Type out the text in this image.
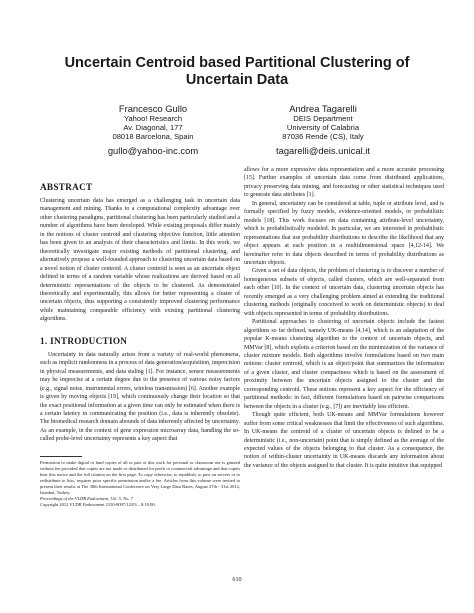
Uncertain Centroid based Partitional Clustering of
Uncertain Data
Francesco Gullo
Yahoo! Research
Av. Diagonal, 177
08018 Barcelona, Spain
gullo@yahoo-inc.com
Andrea Tagarelli
DEIS Department
University of Calabria
87036 Rende (CS), Italy
tagarelli@deis.unical.it
ABSTRACT

Clustering uncertain data has emerged as a challenging task in uncertain data management and mining. Thanks to a computational complexity advantage over other clustering paradigms, partitional clustering has been particularly studied and a number of algorithms have been developed. While existing proposals differ mainly in the notions of cluster centroid and clustering objective function, little attention has been given to an analysis of their characteristics and limits. In this work, we theoretically investigate major existing methods of partitional clustering, and alternatively propose a well-founded approach to clustering uncertain data based on a novel notion of cluster centroid. A cluster centroid is seen as an uncertain object defined in terms of a random variable whose realizations are derived based on all deterministic representations of the objects to be clustered. As demonstrated theoretically and experimentally, this allows for better representing a cluster of uncertain objects, thus supporting a consistently improved clustering performance while maintaining comparable efficiency with existing partitional clustering algorithms.

1. INTRODUCTION

Uncertainty in data naturally arises from a variety of real-world phenomena, such as implicit randomness in a process of data generation/acquisition, imprecision in physical measurements, and data staling [1]. For instance, sensor measurements may be imprecise at a certain degree due to the presence of various noisy factors (e.g., signal noise, instrumental errors, wireless transmission) [6]. Another example is given by moving objects [19], which continuously change their location so that the exact positional information at a given time can only be estimated when there is a certain latency in communicating the position (i.e., data is inherently obsolete). The biomedical research domain abounds of data inherently affected by uncertainty. As an example, in the context of gene expression microarray data, handling the so-called probe-level uncertainty represents a key aspect that

Permission to make digital or hard copies of all or part of this work for personal or classroom use is granted without fee provided that copies are not made or distributed for profit or commercial advantage and that copies bear this notice and the full citation on the first page. To copy otherwise, to republish, to post on servers or to redistribute to lists, requires prior specific permission and/or a fee. Articles from this volume were invited to present their results at The 38th International Conference on Very Large Data Bases, August 27th - 31st 2012, Istanbul, Turkey.

Proceedings of the VLDB Endowment, Vol. 5, No. 7

Copyright 2012 VLDB Endowment 2150-8097/12/03... $ 10.00.

allows for a more expressive data representation and a more accurate processing [15]. Further examples of uncertain data come from distributed applications, privacy preserving data mining, and forecasting or other statistical techniques used to generate data attributes [1].

In general, uncertainty can be considered at table, tuple or attribute level, and is formally specified by fuzzy models, evidence-oriented models, or probabilistic models [18]. This work focuses on data containing attribute-level uncertainty, which is probabilistically modeled. In particular, we are interested in probabilistic representations that use probability distributions to describe the likelihood that any object appears at each position in a multidimensional space [4,12-14]. We hereinafter refer to data objects described in terms of probability distributions as uncertain objects.

Given a set of data objects, the problem of clustering is to discover a number of homogeneous subsets of objects, called clusters, which are well-separated from each other [10]. In the context of uncertain data, clustering uncertain objects has recently emerged as a very challenging problem aimed at extending the traditional clustering methods (originally conceived to work on deterministic objects) to deal with objects represented in terms of probability distributions.

Partitional approaches to clustering of uncertain objects include the fastest algorithms so far defined, namely UK-means [4,14], which is an adaptation of the popular K-means clustering algorithm to the context of uncertain objects, and MMVar [8], which exploits a criterion based on the minimization of the variance of cluster mixture models. Both algorithms involve formulations based on two main notions: cluster centroid, which is an object/point that summarizes the information of a given cluster, and cluster compactness which is based on the assessment of proximity between the uncertain objects assigned to the cluster and the corresponding centroid. These notions represent a key aspect for the efficiency of partitional methods: in fact, different formulations based on pairwise comparisons between the objects in a cluster (e.g., [7]) are inevitably less efficient.

Though quite efficient, both UK-means and MMVar formulations however suffer from some critical weaknesses that limit the effectiveness of such algorithms. In UK-means the centroid of a cluster of uncertain objects is defined to be a deterministic (i.e., non-uncertain) point that is simply defined as the average of the expected values of the objects belonging to that cluster. As a consequence, the notion of within-cluster uncertainty in UK-means discards any information about the variance of the objects assigned to that cluster. It is quite intuitive that equipped

610
